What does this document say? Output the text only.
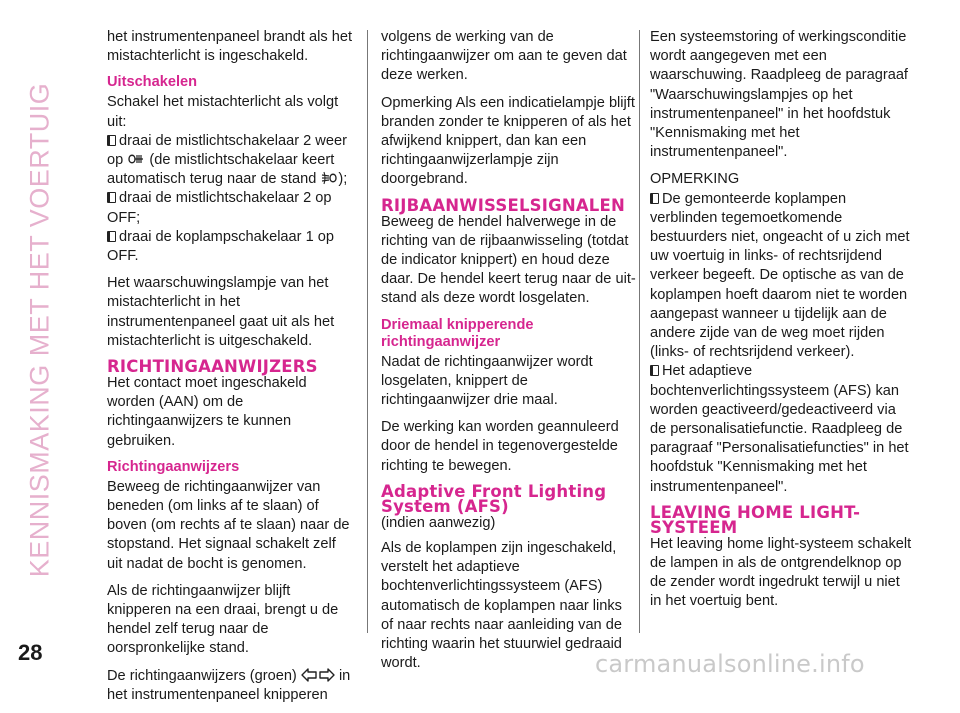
KENNISMAKING MET HET VOERTUIG
28

het instrumentenpaneel brandt als het mistachterlicht is ingeschakeld.

Uitschakelen

Schakel het mistachterlicht als volgt uit:

draai de mistlichtschakelaar 2 weer op (de mistlichtschakelaar keert automatisch terug naar de stand );
draai de mistlichtschakelaar 2 op OFF;

draai de koplampschakelaar 1 op OFF.

Het waarschuwingslampje van het mistachterlicht in het instrumentenpaneel gaat uit als het mistachterlicht is uitgeschakeld.

RICHTINGAANWIJZERS

Het contact moet ingeschakeld worden (AAN) om de richtingaanwijzers te kunnen gebruiken.

Richtingaanwijzers

Beweeg de richtingaanwijzer van beneden (om links af te slaan) of boven (om rechts af te slaan) naar de stopstand. Het signaal schakelt zelf uit nadat de bocht is genomen.

Als de richtingaanwijzer blijft knipperen na een draai, brengt u de hendel zelf terug naar de oorspronkelijke stand.

De richtingaanwijzers (groen)	in het instrumentenpaneel knipperen

volgens de werking van de richtingaanwijzer om aan te geven dat deze werken.

Opmerking Als een indicatielampje blijft branden zonder te knipperen of als het afwijkend knippert, dan kan een richtingaanwijzerlampje zijn doorgebrand.

RIJBAANWISSELSIGNALEN

Beweeg de hendel halverwege in de richting van de rijbaanwisseling (totdat de indicator knippert) en houd deze daar. De hendel keert terug naar de uit-stand als deze wordt losgelaten.

Driemaal knipperende richtingaanwijzer

Nadat de richtingaanwijzer wordt losgelaten, knippert de richtingaanwijzer drie maal.

De werking kan worden geannuleerd door de hendel in tegenovergestelde richting te bewegen.

Adaptive Front Lighting System (AFS)

(indien aanwezig)

Als de koplampen zijn ingeschakeld, verstelt het adaptieve bochtenverlichtingssysteem (AFS) automatisch de koplampen naar links of naar rechts naar aanleiding van de richting waarin het stuurwiel gedraaid wordt.

Een systeemstoring of werkingsconditie wordt aangegeven met een waarschuwing. Raadpleeg de paragraaf "Waarschuwingslampjes op het instrumentenpaneel" in het hoofdstuk "Kennismaking met het instrumentenpaneel".

OPMERKING

De gemonteerde koplampen verblinden tegemoetkomende bestuurders niet, ongeacht of u zich met uw voertuig in links- of rechtsrijdend verkeer begeeft. De optische as van de koplampen hoeft daarom niet te worden aangepast wanneer u tijdelijk aan de andere zijde van de weg moet rijden (links- of rechtsrijdend verkeer).

Het adaptieve bochtenverlichtingssysteem (AFS) kan worden geactiveerd/gedeactiveerd via de personalisatiefunctie. Raadpleeg de paragraaf "Personalisatiefuncties" in het hoofdstuk "Kennismaking met het instrumentenpaneel".

LEAVING HOME LIGHT-SYSTEEM

Het leaving home light-systeem schakelt de lampen in als de ontgrendelknop op de zender wordt ingedrukt terwijl u niet in het voertuig bent.

carmanualsonline.info
